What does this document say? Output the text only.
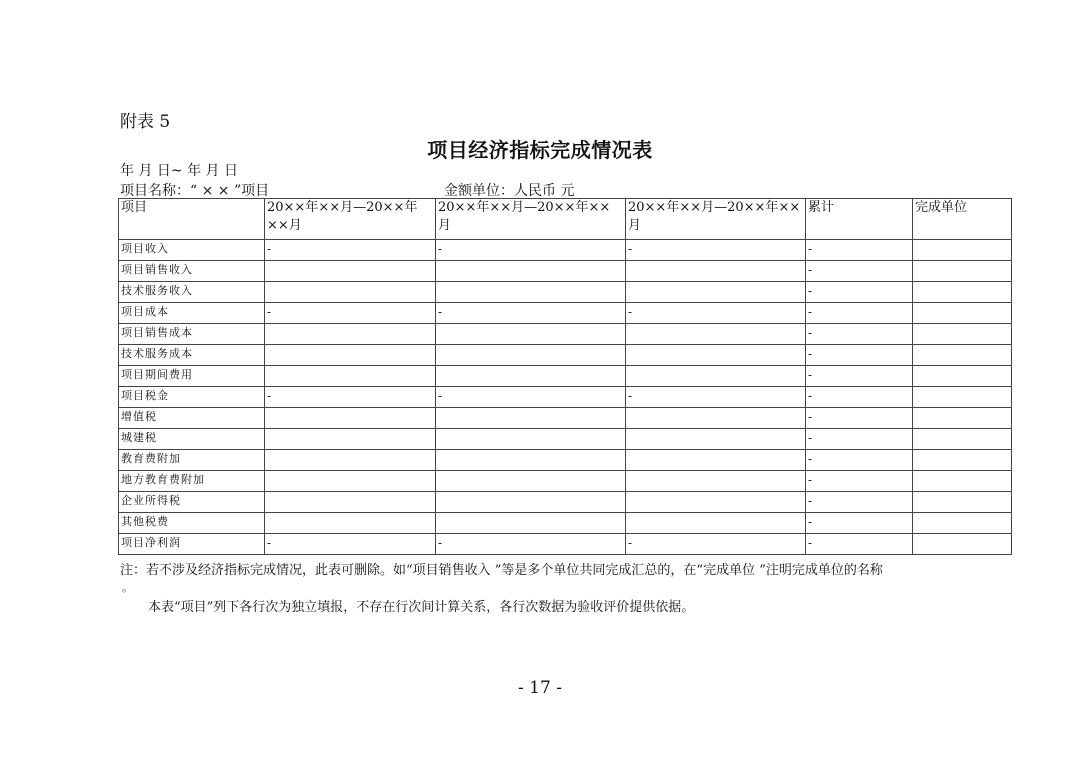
附表 5
项目经济指标完成情况表
年 月 日~ 年 月 日
项目名称：“ × × ”项目	金额单位：人民币 元
项目	20××年××月—20××年××月	20××年××月—20××年××月	20××年××月—20××年××月	累计	完成单位
项目收入	-	-	-	-	
项目销售收入				-	
技术服务收入				-	
项目成本	-	-	-	-	
项目销售成本				-	
技术服务成本				-	
项目期间费用				-	
项目税金	-	-	-	-	
增值税				-	
城建税				-	
教育费附加				-	
地方教育费附加				-	
企业所得税				-	
其他税费				-	
项目净利润	-	-	-	-	
注：若不涉及经济指标完成情况，此表可删除。如“项目销售收入 ”等是多个单位共同完成汇总的，在“完成单位 ”注明完成单位的名称
。
本表“项目”列下各行次为独立填报，不存在行次间计算关系，各行次数据为验收评价提供依据。
- 17 -
